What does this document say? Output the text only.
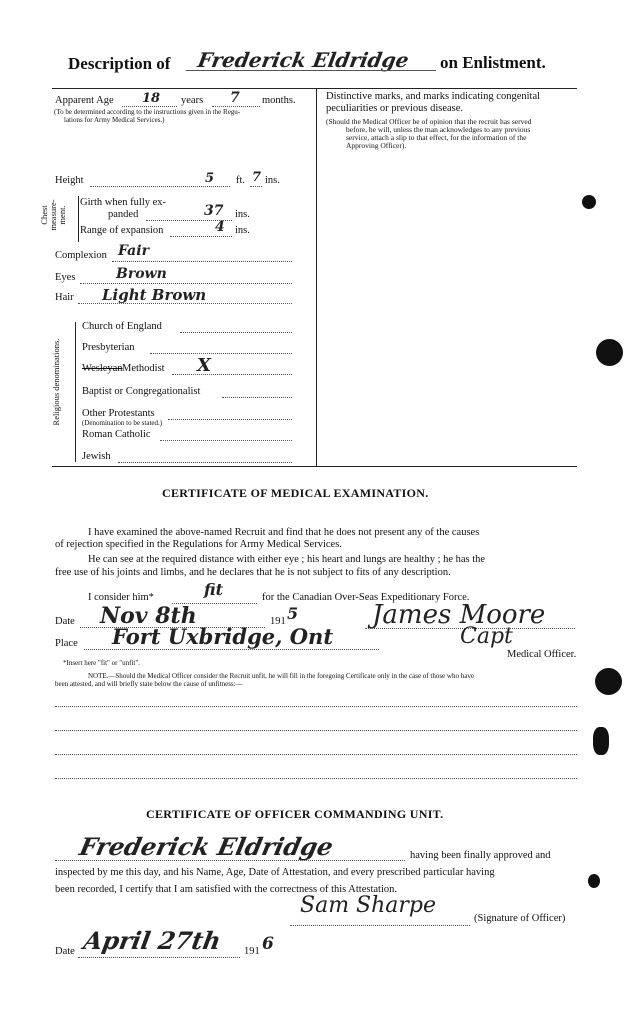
Description of Frederick Eldridge on Enlistment.
Apparent Age 18 years 7 months.
(To be determined according to the instructions given in the Regu-
lations for Army Medical Services.)
Height	5 ft. 7 ins.
Chest measure-ment.
Girth when fully ex-
panded	37 ins.
Range of expansion	4 ins.
Complexion Fair
Eyes	Brown
Hair Light Brown
Religious denominations.
Church of England
Presbyterian
Wesleyan Methodist X
Baptist or Congregationalist
Other Protestants
(Denomination to be stated.)
Roman Catholic
Jewish
Distinctive marks, and marks indicating congenital
peculiarities or previous disease.
(Should the Medical Officer be of opinion that the recruit has served
before, he will, unless the man acknowledges to any previous
service, attach a slip to that effect, for the information of the
Approving Officer).
CERTIFICATE OF MEDICAL EXAMINATION.
I have examined the above-named Recruit and find that he does not present any of the causes
of rejection specified in the Regulations for Army Medical Services.
He can see at the required distance with either eye ; his heart and lungs are healthy ; he has the
free use of his joints and limbs, and he declares that he is not subject to fits of any description.
I consider him*	fit	for the Canadian Over-Seas Expeditionary Force.
Date Nov 8th	191 5	James Moore
Place Fort Uxbridge, Ont	Capt
Medical Officer.
*Insert here "fit" or "unfit".
NOTE.—Should the Medical Officer consider the Recruit unfit, he will fill in the foregoing Certificate only in the case of those who have
been attested, and will briefly state below the cause of unfitness:—
CERTIFICATE OF OFFICER COMMANDING UNIT.
Frederick Eldridge	having been finally approved and
inspected by me this day, and his Name, Age, Date of Attestation, and every prescribed particular having
been recorded, I certify that I am satisfied with the correctness of this Attestation.
Sam Sharpe
(Signature of Officer)
Date April 27th 191 6
